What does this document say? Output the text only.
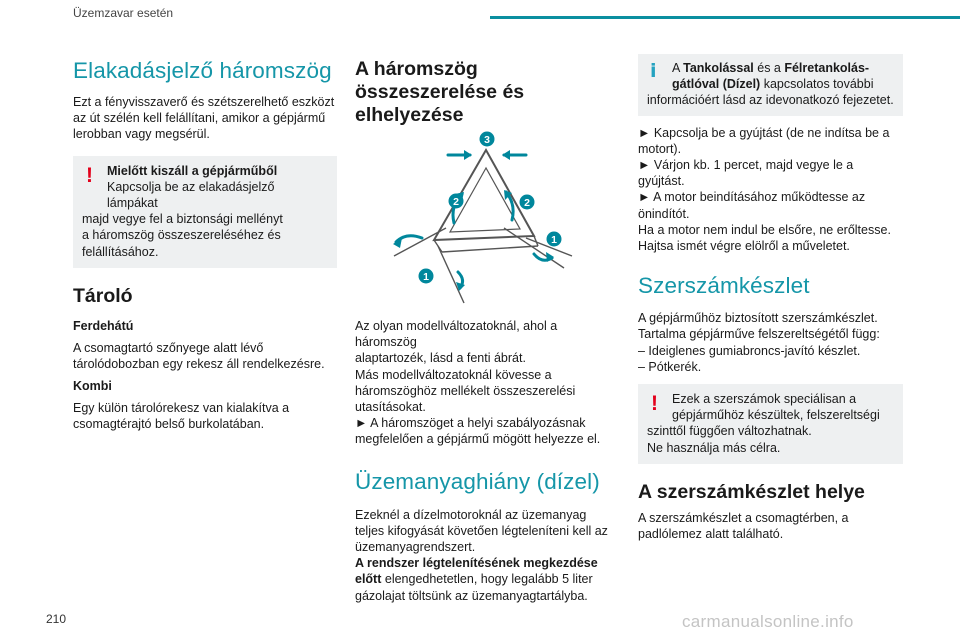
Üzemzavar esetén
Elakadásjelző háromszög
Ezt a fényvisszaverő és szétszerelhető eszközt
az út szélén kell felállítani, amikor a gépjármű
lerobban vagy megsérül.
!	Mielőtt kiszáll a gépjárműből
Kapcsolja be az elakadásjelző lámpákat
majd vegye fel a biztonsági mellényt
a háromszög összeszereléséhez és
felállításához.
Tároló
Ferdehátú
A csomagtartó szőnyege alatt lévő
tárolódobozban egy rekesz áll rendelkezésre.
Kombi
Egy külön tárolórekesz van kialakítva a
csomagtérajtó belső burkolatában.
A háromszög
összeszerelése és
elhelyezése
1
1
2	2
3
Az olyan modellváltozatoknál, ahol a háromszög
alaptartozék, lásd a fenti ábrát.
Más modellváltozatoknál kövesse a
háromszöghöz mellékelt összeszerelési
utasításokat.
► A háromszöget a helyi szabályozásnak
megfelelően a gépjármű mögött helyezze el.
Üzemanyaghiány (dízel)
Ezeknél a dízelmotoroknál az üzemanyag
teljes kifogyását követően légteleníteni kell az
üzemanyagrendszert.
A rendszer légtelenítésének megkezdése
előtt elengedhetetlen, hogy legalább 5 liter
gázolajat töltsünk az üzemanyagtartályba.
i	A Tankolással és a Félretankolás-
gátlóval (Dízel) kapcsolatos további
információért lásd az idevonatkozó fejezetet.
► Kapcsolja be a gyújtást (de ne indítsa be a
motort).
► Várjon kb. 1 percet, majd vegye le a gyújtást.
► A motor beindításához működtesse az
önindítót.
Ha a motor nem indul be elsőre, ne erőltesse.
Hajtsa ismét végre elölről a műveletet.
Szerszámkészlet
A gépjárműhöz biztosított szerszámkészlet.
Tartalma gépjárműve felszereltségétől függ:
– Ideiglenes gumiabroncs-javító készlet.
– Pótkerék.
!	Ezek a szerszámok speciálisan a
gépjárműhöz készültek, felszereltségi
szinttől függően változhatnak.
Ne használja más célra.
A szerszámkészlet helye
A szerszámkészlet a csomagtérben, a
padlólemez alatt található.
210	carmanualsonline.info
